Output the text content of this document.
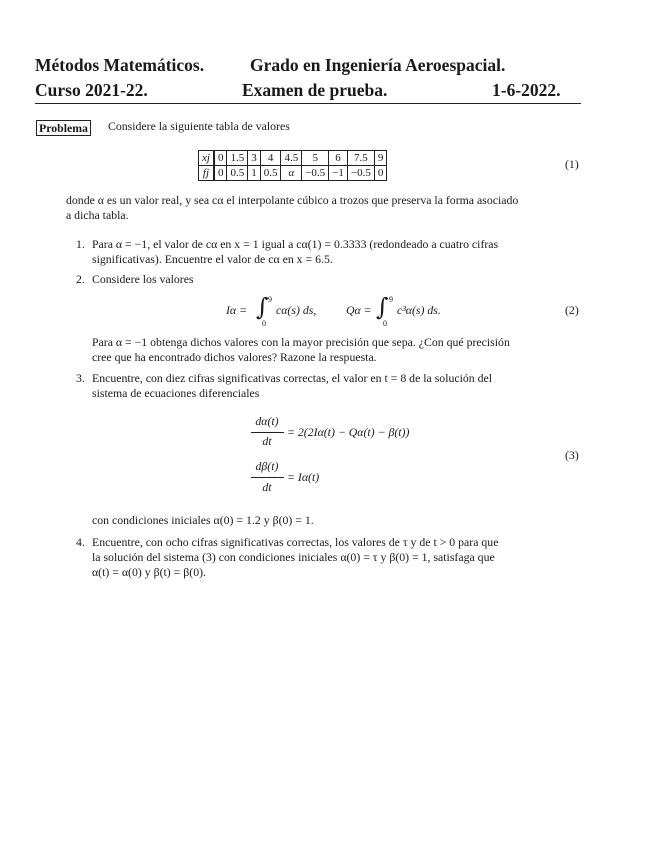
Métodos Matemáticos.	Grado en Ingeniería Aeroespacial.
Curso 2021-22.	Examen de prueba.	1-6-2022.
Problema Considere la siguiente tabla de valores
xj	0	1.5	3	4	4.5	5	6	7.5	9
fj	0	0.5	1	0.5	α	−0.5	−1	−0.5	0
(1)
donde α es un valor real, y sea cα el interpolante cúbico a trozos que preserva la forma asociado
a dicha tabla.
1. Para α = −1, el valor de cα en x = 1 igual a cα(1) = 0.3333 (redondeado a cuatro cifras
significativas). Encuentre el valor de cα en x = 6.5.
2. Considere los valores
Iα = ∫ 9
0
cα(s) ds,	Qα = ∫ 9
0
c³α(s) ds.	(2)
Para α = −1 obtenga dichos valores con la mayor precisión que sepa. ¿Con qué precisión
cree que ha encontrado dichos valores? Razone la respuesta.
3. Encuentre, con diez cifras significativas correctas, el valor en t = 8 de la solución del
sistema de ecuaciones diferenciales
dα(t)
dt
= 2(2Iα(t) − Qα(t) − β(t))
dβ(t)
dt
= Iα(t)
(3)
con condiciones iniciales α(0) = 1.2 y β(0) = 1.
4. Encuentre, con ocho cifras significativas correctas, los valores de τ y de t > 0 para que
la solución del sistema (3) con condiciones iniciales α(0) = τ y β(0) = 1, satisfaga que
α(t) = α(0) y β(t) = β(0).
